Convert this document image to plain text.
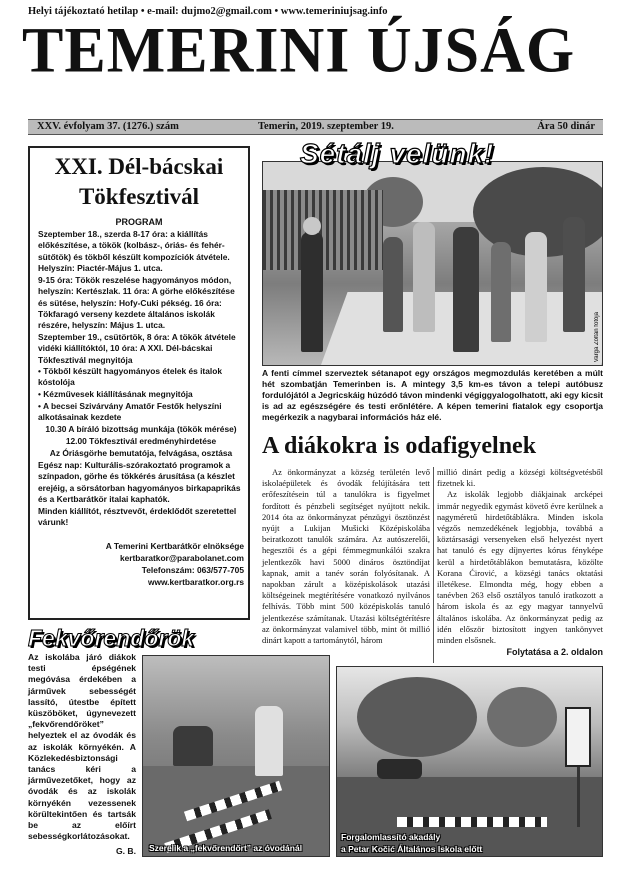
Helyi tájékoztató hetilap • e-mail: dujmo2@gmail.com • www.temeriniujsag.info
TEMERINI ÚJSÁG
XXV. évfolyam 37. (1276.) szám	Temerin, 2019. szeptember 19.	Ára 50 dinár
XXI. Dél-bácskai
Tökfesztivál
PROGRAM
Szeptember 18., szerda 8-17 óra: a kiállítás előkészítése, a tökök (kolbász-, óriás- és fehér-sütőtök) és tökből készült kompozíciók átvétele. Helyszín: Piactér-Május 1. utca.
9-15 óra: Tökök reszelése hagyományos módon, helyszín: Kertészlak. 11 óra: A görhe előkészítése és sütése, helyszín: Hofy-Cuki pékség. 16 óra: Tökfaragó verseny kezdete általános iskolák részére, helyszín: Május 1. utca.
Szeptember 19., csütörtök, 8 óra: A tökök átvétele vidéki kiállítóktól, 10 óra: A XXI. Dél-bácskai Tökfesztivál megnyitója
• Tökből készült hagyományos ételek és italok kóstolója
• Kézművesek kiállításának megnyitója
• A becsei Szivárvány Amatőr Festők helyszíni alkotásainak kezdete
10.30 A bíráló bizottság munkája (tökök mérése)
12.00 Tökfesztivál eredményhirdetése
Az Óriásgörhe bemutatója, felvágása, osztása
Egész nap: Kulturális-szórakoztató programok a színpadon, görhe és tökkérés árusítása (a készlet erejéig, a sörsátorban hagyományos birkapaprikás és a Kertbarátkör italai kaphatók.
Minden kiállítót, résztvevőt, érdeklődőt szeretettel várunk!
A Temerini Kertbarátkör elnöksége
kertbaratkor@parabolanet.com
Telefonszám: 063/577-705
www.kertbaratkor.org.rs
Varga Zoltán fotója
Sétálj velünk!
A fenti címmel szerveztek sétanapot egy országos megmozdulás keretében a múlt hét szombatján Temerinben is. A mintegy 3,5 km-es távon a telepi autóbusz fordulójától a Jegricskáig húzódó távon mindenki végiggyalogolhatott, aki egy kicsit is ad az egészségére és testi erőnlétére. A képen temerini fiatalok egy csoportja megérkezik a nagybarai információs ház elé.
A diákokra is odafigyelnek

Az önkormányzat a község területén levő iskolaépületek és óvodák felújítására tett erőfeszítésein túl a tanulókra is figyelmet fordított és pénzbeli segítséget nyújtott nekik. 2014 óta az önkormányzat pénzügyi ösztönzést nyújt a Lukijan Mušicki Középiskolába beiratkozott tanulók számára. Az autószerelői, hegesztői és a gépi fémmegmunkálói szakra jelentkezők havi 5000 dináros ösztöndíjat kapnak, amit a tanév során folyósítanak. A napokban zárult a középiskolások utazási költségeinek megtérítésére vonatkozó nyilvános felhívás. Több mint 500 középiskolás tanuló jelentkezése számítanak. Utazási költségtérítésre az önkormányzat valamivel több, mint öt millió dinárt kapott a tartománytól, három

millió dinárt pedig a községi költségvetésből fizetnek ki.

Az iskolák legjobb diákjainak arcképei immár negyedik egymást követő évre kerülnek a nagyméretű hirdetőtáblákra. Minden iskola végzős nemzedékének legjobbja, továbbá a köztársasági versenyeken első helyezést nyert hat tanuló és egy díjnyertes kórus fényképe kerül a hirdetőtáblákon bemutatásra, közölte Korana Ćirović, a községi tanács oktatási illetékese. Elmondta még, hogy ebben a tanévben 263 első osztályos tanuló iratkozott a három iskola és az egy magyar tannyelvű általános iskolába. Az önkormányzat pedig az idén először biztosított ingyen tankönyvet minden elsősnek.

Folytatása a 2. oldalon
Fekvőrendőrök
Az iskolába járó diákok testi épségének megóvása érdekében a járművek sebességét lassító, útestbe épített küszöböket, úgynevezett „fekvőrendőröket” helyeztek el az óvodák és az iskolák környékén. A Közlekedésbiztonsági tanács kéri a járművezetőket, hogy az óvodák és az iskolák környékén vezessenek körültekintően és tartsák be az előírt sebességkorlátozásokat.
G. B. Szerelik a „fekvőrendőrt” az óvodánál
Forgalomlassító akadály
a Petar Kočić Általános Iskola előtt
